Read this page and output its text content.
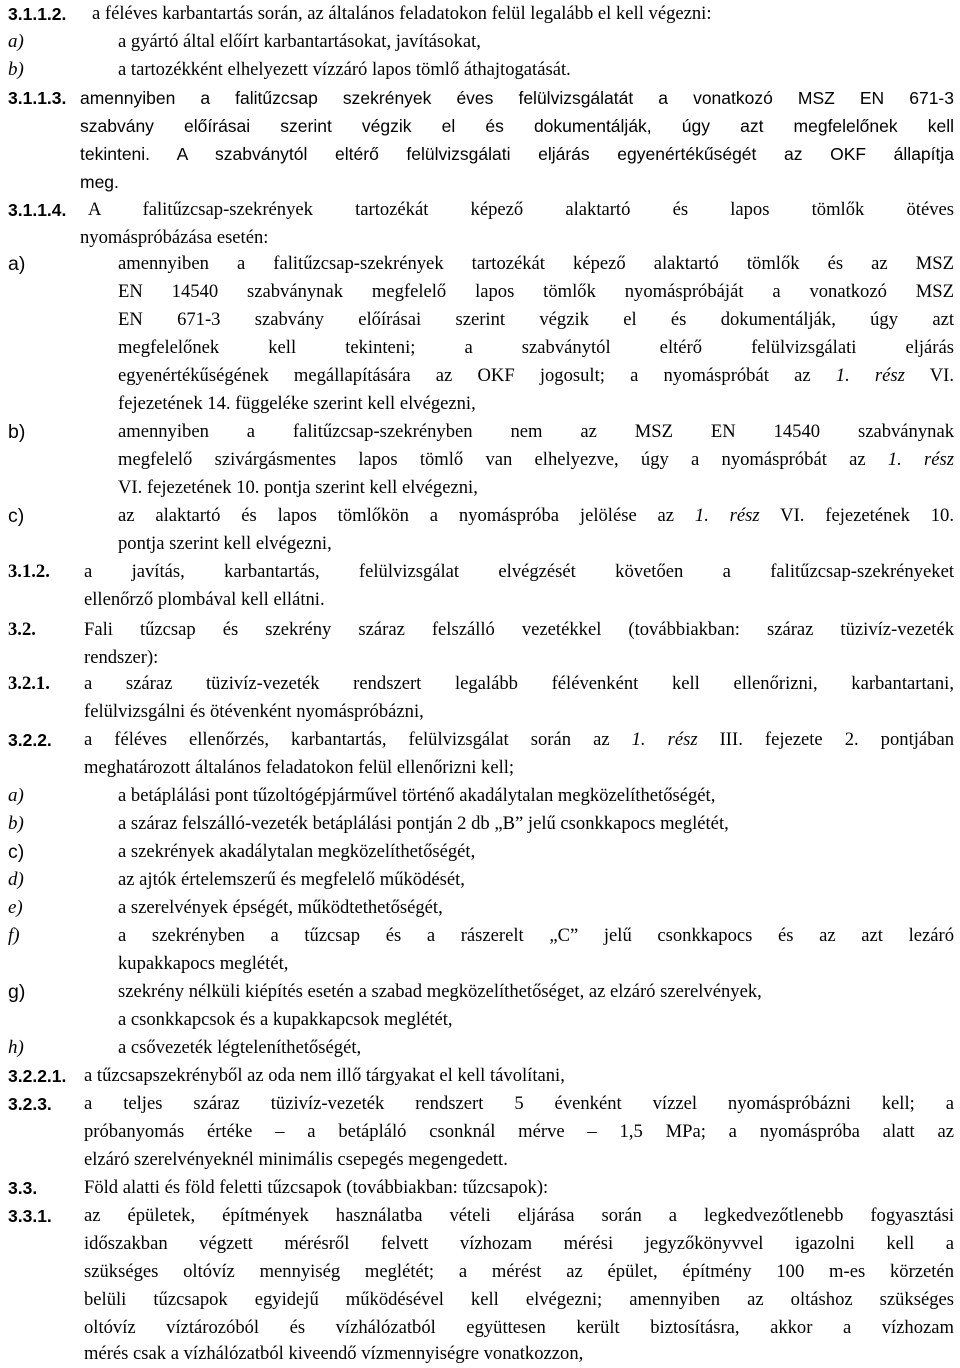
3.1.1.2. a féléves karbantartás során, az általános feladatokon felül legalább el kell végezni:
a)	a gyártó által előírt karbantartásokat, javításokat,
b)	a tartozékként elhelyezett vízzáró lapos tömlő áthajtogatását.
3.1.1.3. amennyiben a falitűzcsap szekrények éves felülvizsgálatát a vonatkozó MSZ EN 671-3
szabvány előírásai szerint végzik el és dokumentálják, úgy azt megfelelőnek kell
tekinteni. A szabványtól eltérő felülvizsgálati eljárás egyenértékűségét az OKF állapítja
meg.
3.1.1.4. A falitűzcsap-szekrények tartozékát képező alaktartó és lapos tömlők ötéves
nyomáspróbázása esetén:
a)	amennyiben a falitűzcsap-szekrények tartozékát képező alaktartó tömlők és az MSZ
EN 14540 szabványnak megfelelő lapos tömlők nyomáspróbáját a vonatkozó MSZ
EN 671-3 szabvány előírásai szerint végzik el és dokumentálják, úgy azt
megfelelőnek kell tekinteni; a szabványtól eltérő felülvizsgálati eljárás
egyenértékűségének megállapítására az OKF jogosult; a nyomáspróbát az 1. rész VI.
fejezetének 14. függeléke szerint kell elvégezni,
b)	amennyiben a falitűzcsap-szekrényben nem az MSZ EN 14540 szabványnak
megfelelő szivárgásmentes lapos tömlő van elhelyezve, úgy a nyomáspróbát az 1. rész
VI. fejezetének 10. pontja szerint kell elvégezni,
c)	az alaktartó és lapos tömlőkön a nyomáspróba jelölése az 1. rész VI. fejezetének 10.
pontja szerint kell elvégezni,
3.1.2. a javítás, karbantartás, felülvizsgálat elvégzését követően a falitűzcsap-szekrényeket
ellenőrző plombával kell ellátni.
3.2.	Fali tűzcsap és szekrény száraz felszálló vezetékkel (továbbiakban: száraz tüzivíz-vezeték
rendszer):
3.2.1. a száraz tüzivíz-vezeték rendszert legalább félévenként kell ellenőrizni, karbantartani,
felülvizsgálni és ötévenként nyomáspróbázni,
3.2.2. a féléves ellenőrzés, karbantartás, felülvizsgálat során az 1. rész III. fejezete 2. pontjában
meghatározott általános feladatokon felül ellenőrizni kell;
a)	a betáplálási pont tűzoltógépjárművel történő akadálytalan megközelíthetőségét,
b)	a száraz felszálló-vezeték betáplálási pontján 2 db „B” jelű csonkkapocs meglétét,
c)	a szekrények akadálytalan megközelíthetőségét,
d)	az ajtók értelemszerű és megfelelő működését,
e)	a szerelvények épségét, működtethetőségét,
f)	a szekrényben a tűzcsap és a rászerelt „C” jelű csonkkapocs és az azt lezáró
kupakkapocs meglétét,
g)	szekrény nélküli kiépítés esetén a szabad megközelíthetőséget, az elzáró szerelvények,
a csonkkapcsok és a kupakkapcsok meglétét,
h)	a csővezeték légteleníthetőségét,
3.2.2.1. a tűzcsapszekrényből az oda nem illő tárgyakat el kell távolítani,
3.2.3. a teljes száraz tüzivíz-vezeték rendszert 5 évenként vízzel nyomáspróbázni kell; a
próbanyomás értéke – a betápláló csonknál mérve – 1,5 MPa; a nyomáspróba alatt az
elzáró szerelvényeknél minimális csepegés megengedett.
3.3.	Föld alatti és föld feletti tűzcsapok (továbbiakban: tűzcsapok):
3.3.1. az épületek, építmények használatba vételi eljárása során a legkedvezőtlenebb fogyasztási
időszakban végzett mérésről felvett vízhozam mérési jegyzőkönyvvel igazolni kell a
szükséges oltóvíz mennyiség meglétét; a mérést az épület, építmény 100 m-es körzetén
belüli tűzcsapok egyidejű működésével kell elvégezni; amennyiben az oltáshoz szükséges
oltóvíz víztározóból és vízhálózatból együttesen került biztosításra, akkor a vízhozam
mérés csak a vízhálózatból kiveendő vízmennyiségre vonatkozzon,
